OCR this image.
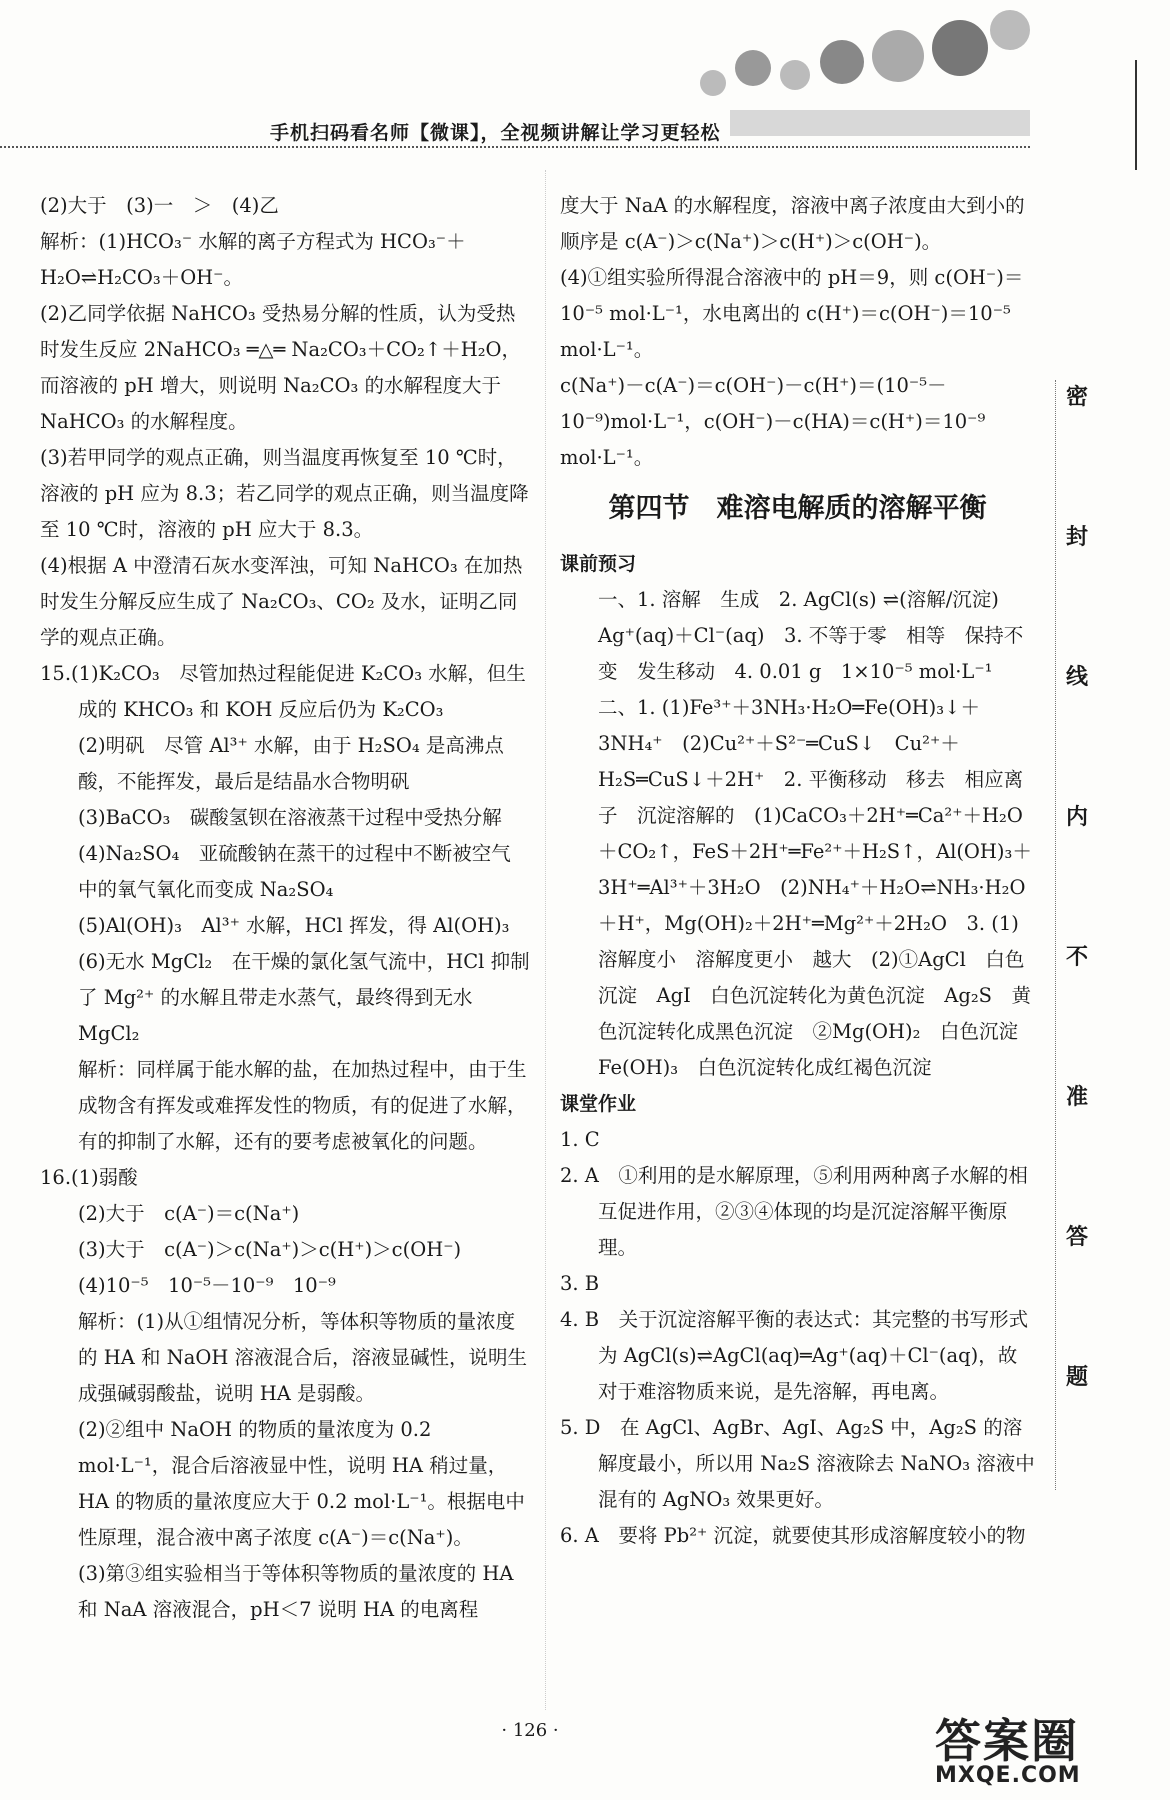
手机扫码看名师【微课】，全视频讲解让学习更轻松
密
封
线
内
不
准
答
题

(2)大于　(3)一　＞　(4)乙

解析：(1)HCO₃⁻ 水解的离子方程式为 HCO₃⁻＋H₂O⇌H₂CO₃＋OH⁻。

(2)乙同学依据 NaHCO₃ 受热易分解的性质，认为受热时发生反应 2NaHCO₃ ═△═ Na₂CO₃＋CO₂↑＋H₂O，而溶液的 pH 增大，则说明 Na₂CO₃ 的水解程度大于 NaHCO₃ 的水解程度。

(3)若甲同学的观点正确，则当温度再恢复至 10 ℃时，溶液的 pH 应为 8.3；若乙同学的观点正确，则当温度降至 10 ℃时，溶液的 pH 应大于 8.3。

(4)根据 A 中澄清石灰水变浑浊，可知 NaHCO₃ 在加热时发生分解反应生成了 Na₂CO₃、CO₂ 及水，证明乙同学的观点正确。

15.(1)K₂CO₃　尽管加热过程能促进 K₂CO₃ 水解，但生成的 KHCO₃ 和 KOH 反应后仍为 K₂CO₃

(2)明矾　尽管 Al³⁺ 水解，由于 H₂SO₄ 是高沸点酸，不能挥发，最后是结晶水合物明矾

(3)BaCO₃　碳酸氢钡在溶液蒸干过程中受热分解

(4)Na₂SO₄　亚硫酸钠在蒸干的过程中不断被空气中的氧气氧化而变成 Na₂SO₄

(5)Al(OH)₃　Al³⁺ 水解，HCl 挥发，得 Al(OH)₃

(6)无水 MgCl₂　在干燥的氯化氢气流中，HCl 抑制了 Mg²⁺ 的水解且带走水蒸气，最终得到无水 MgCl₂

解析：同样属于能水解的盐，在加热过程中，由于生成物含有挥发或难挥发性的物质，有的促进了水解，有的抑制了水解，还有的要考虑被氧化的问题。

16.(1)弱酸

(2)大于　c(A⁻)＝c(Na⁺)

(3)大于　c(A⁻)＞c(Na⁺)＞c(H⁺)＞c(OH⁻)

(4)10⁻⁵　10⁻⁵－10⁻⁹　10⁻⁹

解析：(1)从①组情况分析，等体积等物质的量浓度的 HA 和 NaOH 溶液混合后，溶液显碱性，说明生成强碱弱酸盐，说明 HA 是弱酸。

(2)②组中 NaOH 的物质的量浓度为 0.2 mol·L⁻¹，混合后溶液显中性，说明 HA 稍过量，HA 的物质的量浓度应大于 0.2 mol·L⁻¹。根据电中性原理，混合液中离子浓度 c(A⁻)＝c(Na⁺)。

(3)第③组实验相当于等体积等物质的量浓度的 HA 和 NaA 溶液混合，pH＜7 说明 HA 的电离程

度大于 NaA 的水解程度，溶液中离子浓度由大到小的顺序是 c(A⁻)＞c(Na⁺)＞c(H⁺)＞c(OH⁻)。

(4)①组实验所得混合溶液中的 pH＝9，则 c(OH⁻)＝10⁻⁵ mol·L⁻¹，水电离出的 c(H⁺)＝c(OH⁻)＝10⁻⁵ mol·L⁻¹。

c(Na⁺)－c(A⁻)＝c(OH⁻)－c(H⁺)＝(10⁻⁵－10⁻⁹)mol·L⁻¹，c(OH⁻)－c(HA)＝c(H⁺)＝10⁻⁹ mol·L⁻¹。

第四节　难溶电解质的溶解平衡

课前预习

一、1. 溶解　生成　2. AgCl(s) ⇌(溶解/沉淀) Ag⁺(aq)＋Cl⁻(aq)　3. 不等于零　相等　保持不变　发生移动　4. 0.01 g　1×10⁻⁵ mol·L⁻¹

二、1. (1)Fe³⁺＋3NH₃·H₂O═Fe(OH)₃↓＋3NH₄⁺　(2)Cu²⁺＋S²⁻═CuS↓　Cu²⁺＋H₂S═CuS↓＋2H⁺　2. 平衡移动　移去　相应离子　沉淀溶解的　(1)CaCO₃＋2H⁺═Ca²⁺＋H₂O＋CO₂↑，FeS＋2H⁺═Fe²⁺＋H₂S↑，Al(OH)₃＋3H⁺═Al³⁺＋3H₂O　(2)NH₄⁺＋H₂O⇌NH₃·H₂O＋H⁺，Mg(OH)₂＋2H⁺═Mg²⁺＋2H₂O　3. (1)溶解度小　溶解度更小　越大　(2)①AgCl　白色沉淀　AgI　白色沉淀转化为黄色沉淀　Ag₂S　黄色沉淀转化成黑色沉淀　②Mg(OH)₂　白色沉淀　Fe(OH)₃　白色沉淀转化成红褐色沉淀

课堂作业

1. C

2. A　①利用的是水解原理，⑤利用两种离子水解的相互促进作用，②③④体现的均是沉淀溶解平衡原理。

3. B

4. B　关于沉淀溶解平衡的表达式：其完整的书写形式为 AgCl(s)⇌AgCl(aq)═Ag⁺(aq)＋Cl⁻(aq)，故对于难溶物质来说，是先溶解，再电离。

5. D　在 AgCl、AgBr、AgI、Ag₂S 中，Ag₂S 的溶解度最小，所以用 Na₂S 溶液除去 NaNO₃ 溶液中混有的 AgNO₃ 效果更好。

6. A　要将 Pb²⁺ 沉淀，就要使其形成溶解度较小的物

· 126 ·	答案圈
MXQE.COM
